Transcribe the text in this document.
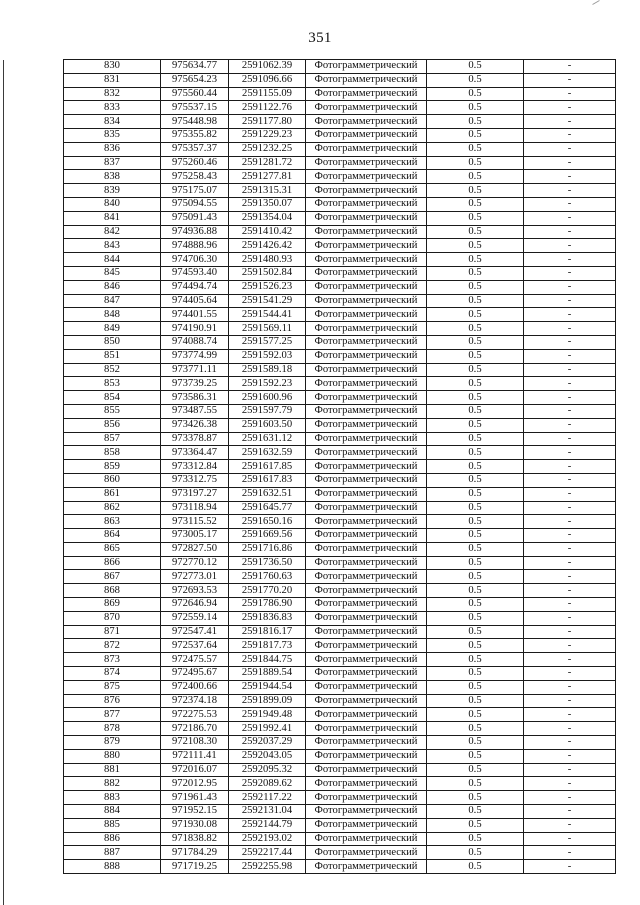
351
830	975634.77	2591062.39	Фотограмметрический	0.5	-
831	975654.23	2591096.66	Фотограмметрический	0.5	-
832	975560.44	2591155.09	Фотограмметрический	0.5	-
833	975537.15	2591122.76	Фотограмметрический	0.5	-
834	975448.98	2591177.80	Фотограмметрический	0.5	-
835	975355.82	2591229.23	Фотограмметрический	0.5	-
836	975357.37	2591232.25	Фотограмметрический	0.5	-
837	975260.46	2591281.72	Фотограмметрический	0.5	-
838	975258.43	2591277.81	Фотограмметрический	0.5	-
839	975175.07	2591315.31	Фотограмметрический	0.5	-
840	975094.55	2591350.07	Фотограмметрический	0.5	-
841	975091.43	2591354.04	Фотограмметрический	0.5	-
842	974936.88	2591410.42	Фотограмметрический	0.5	-
843	974888.96	2591426.42	Фотограмметрический	0.5	-
844	974706.30	2591480.93	Фотограмметрический	0.5	-
845	974593.40	2591502.84	Фотограмметрический	0.5	-
846	974494.74	2591526.23	Фотограмметрический	0.5	-
847	974405.64	2591541.29	Фотограмметрический	0.5	-
848	974401.55	2591544.41	Фотограмметрический	0.5	-
849	974190.91	2591569.11	Фотограмметрический	0.5	-
850	974088.74	2591577.25	Фотограмметрический	0.5	-
851	973774.99	2591592.03	Фотограмметрический	0.5	-
852	973771.11	2591589.18	Фотограмметрический	0.5	-
853	973739.25	2591592.23	Фотограмметрический	0.5	-
854	973586.31	2591600.96	Фотограмметрический	0.5	-
855	973487.55	2591597.79	Фотограмметрический	0.5	-
856	973426.38	2591603.50	Фотограмметрический	0.5	-
857	973378.87	2591631.12	Фотограмметрический	0.5	-
858	973364.47	2591632.59	Фотограмметрический	0.5	-
859	973312.84	2591617.85	Фотограмметрический	0.5	-
860	973312.75	2591617.83	Фотограмметрический	0.5	-
861	973197.27	2591632.51	Фотограмметрический	0.5	-
862	973118.94	2591645.77	Фотограмметрический	0.5	-
863	973115.52	2591650.16	Фотограмметрический	0.5	-
864	973005.17	2591669.56	Фотограмметрический	0.5	-
865	972827.50	2591716.86	Фотограмметрический	0.5	-
866	972770.12	2591736.50	Фотограмметрический	0.5	-
867	972773.01	2591760.63	Фотограмметрический	0.5	-
868	972693.53	2591770.20	Фотограмметрический	0.5	-
869	972646.94	2591786.90	Фотограмметрический	0.5	-
870	972559.14	2591836.83	Фотограмметрический	0.5	-
871	972547.41	2591816.17	Фотограмметрический	0.5	-
872	972537.64	2591817.73	Фотограмметрический	0.5	-
873	972475.57	2591844.75	Фотограмметрический	0.5	-
874	972495.67	2591889.54	Фотограмметрический	0.5	-
875	972400.66	2591944.54	Фотограмметрический	0.5	-
876	972374.18	2591899.09	Фотограмметрический	0.5	-
877	972275.53	2591949.48	Фотограмметрический	0.5	-
878	972186.70	2591992.41	Фотограмметрический	0.5	-
879	972108.30	2592037.29	Фотограмметрический	0.5	-
880	972111.41	2592043.05	Фотограмметрический	0.5	-
881	972016.07	2592095.32	Фотограмметрический	0.5	-
882	972012.95	2592089.62	Фотограмметрический	0.5	-
883	971961.43	2592117.22	Фотограмметрический	0.5	-
884	971952.15	2592131.04	Фотограмметрический	0.5	-
885	971930.08	2592144.79	Фотограмметрический	0.5	-
886	971838.82	2592193.02	Фотограмметрический	0.5	-
887	971784.29	2592217.44	Фотограмметрический	0.5	-
888	971719.25	2592255.98	Фотограмметрический	0.5	-
